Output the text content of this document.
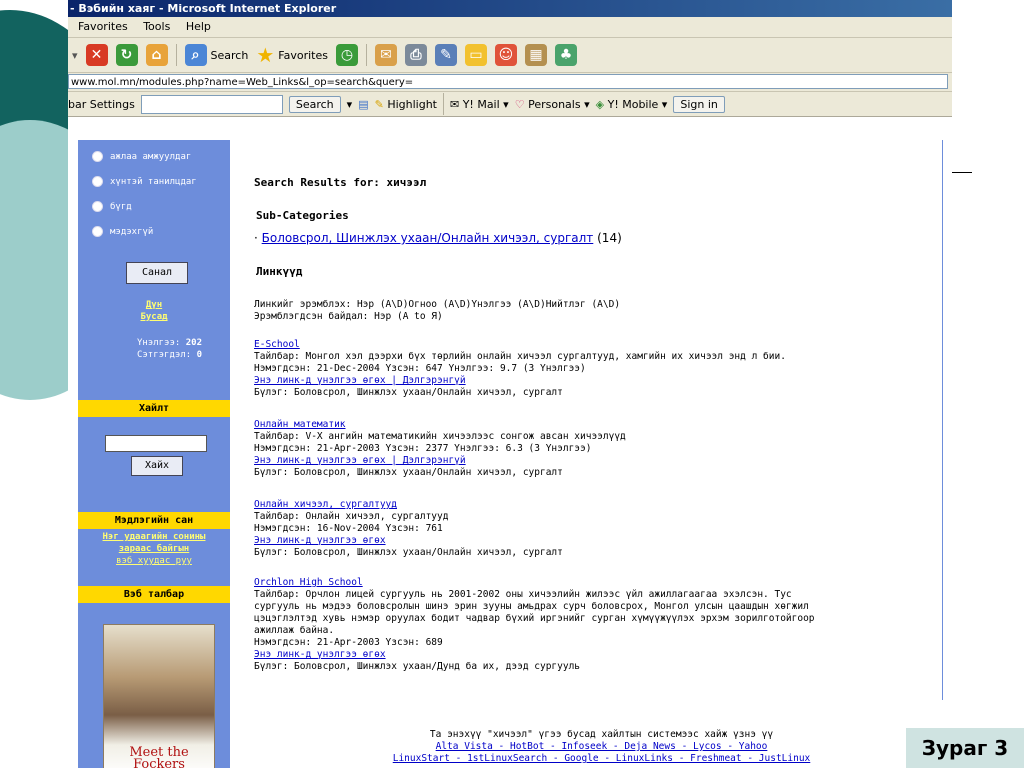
- Вэбийн хаяг - Microsoft Internet Explorer
Favorites Tools Help
▾ ✕	↻	⌂	⌕	Search ★ Favorites ◷	✉	⎙	✎	▭	☺	▦	♣
www.mol.mn/modules.php?name=Web_Links&l_op=search&query=
bar Settings	Search	▾ ▤ ✎ Highlight ✉ Y! Mail ▾ ♡ Personals ▾ ◈ Y! Mobile ▾	Sign in
ажлаа амжуулдаг
хүнтэй танилцдаг
бүгд
мэдэхгүй
Санал
Дүн
Бусад
Үнэлгээ: 202
Сэтгэгдэл: 0
Хайлт
Хайх
Мэдлэгийн сан
Нэг удаагийн сонины
зараас байгын
вэб хуудас руу
Вэб талбар
Meet the Fockers
Search Results for: хичээл
Sub-Categories
· Боловсрол, Шинжлэх ухаан/Онлайн хичээл, сургалт (14)
Линкүүд
Линкийг эрэмблэх: Нэр (A\D)Огноо (A\D)Үнэлгээ (A\D)Нийтлэг (A\D)
Эрэмблэгдсэн байдал: Нэр (A to Я)
E-School
Тайлбар: Монгол хэл дээрхи бүх төрлийн онлайн хичээл сургалтууд, хамгийн их хичээл энд л бии.
Нэмэгдсэн: 21-Dec-2004 Үзсэн: 647 Үнэлгээ: 9.7 (3 Үнэлгээ)
Энэ линк-д үнэлгээ өгөх | Дэлгэрэнгүй
Бүлэг: Боловсрол, Шинжлэх ухаан/Онлайн хичээл, сургалт
Онлайн математик
Тайлбар: V-X ангийн математикийн хичээлээс сонгож авсан хичээлүүд
Нэмэгдсэн: 21-Apr-2003 Үзсэн: 2377 Үнэлгээ: 6.3 (3 Үнэлгээ)
Энэ линк-д үнэлгээ өгөх | Дэлгэрэнгүй
Бүлэг: Боловсрол, Шинжлэх ухаан/Онлайн хичээл, сургалт
Онлайн хичээл, сургалтууд
Тайлбар: Онлайн хичээл, сургалтууд
Нэмэгдсэн: 16-Nov-2004 Үзсэн: 761
Энэ линк-д үнэлгээ өгөх
Бүлэг: Боловсрол, Шинжлэх ухаан/Онлайн хичээл, сургалт
Orchlon High School
Тайлбар: Орчлон лицей сургууль нь 2001-2002 оны хичээлийн жилээс үйл ажиллагаагаа эхэлсэн. Тус
сургууль нь мэдээ боловсролын шинэ эрин зууны амьдрах сурч боловсрох, Монгол улсын цаашдын хөгжил
цэцэглэлтэд хувь нэмэр оруулах бодит чадвар бүхий иргэнийг сурган хүмүүжүүлэх эрхэм зорилготойгоор
ажиллаж байна.
Нэмэгдсэн: 21-Apr-2003 Үзсэн: 689
Энэ линк-д үнэлгээ өгөх
Бүлэг: Боловсрол, Шинжлэх ухаан/Дунд ба их, дээд сургууль
Та энэхүү "хичээл" үгээ бусад хайлтын системээс хайж үзнэ үү
Alta Vista - HotBot - Infoseek - Deja News - Lycos - Yahoo
LinuxStart - 1stLinuxSearch - Google - LinuxLinks - Freshmeat - JustLinux	Зураг 3
